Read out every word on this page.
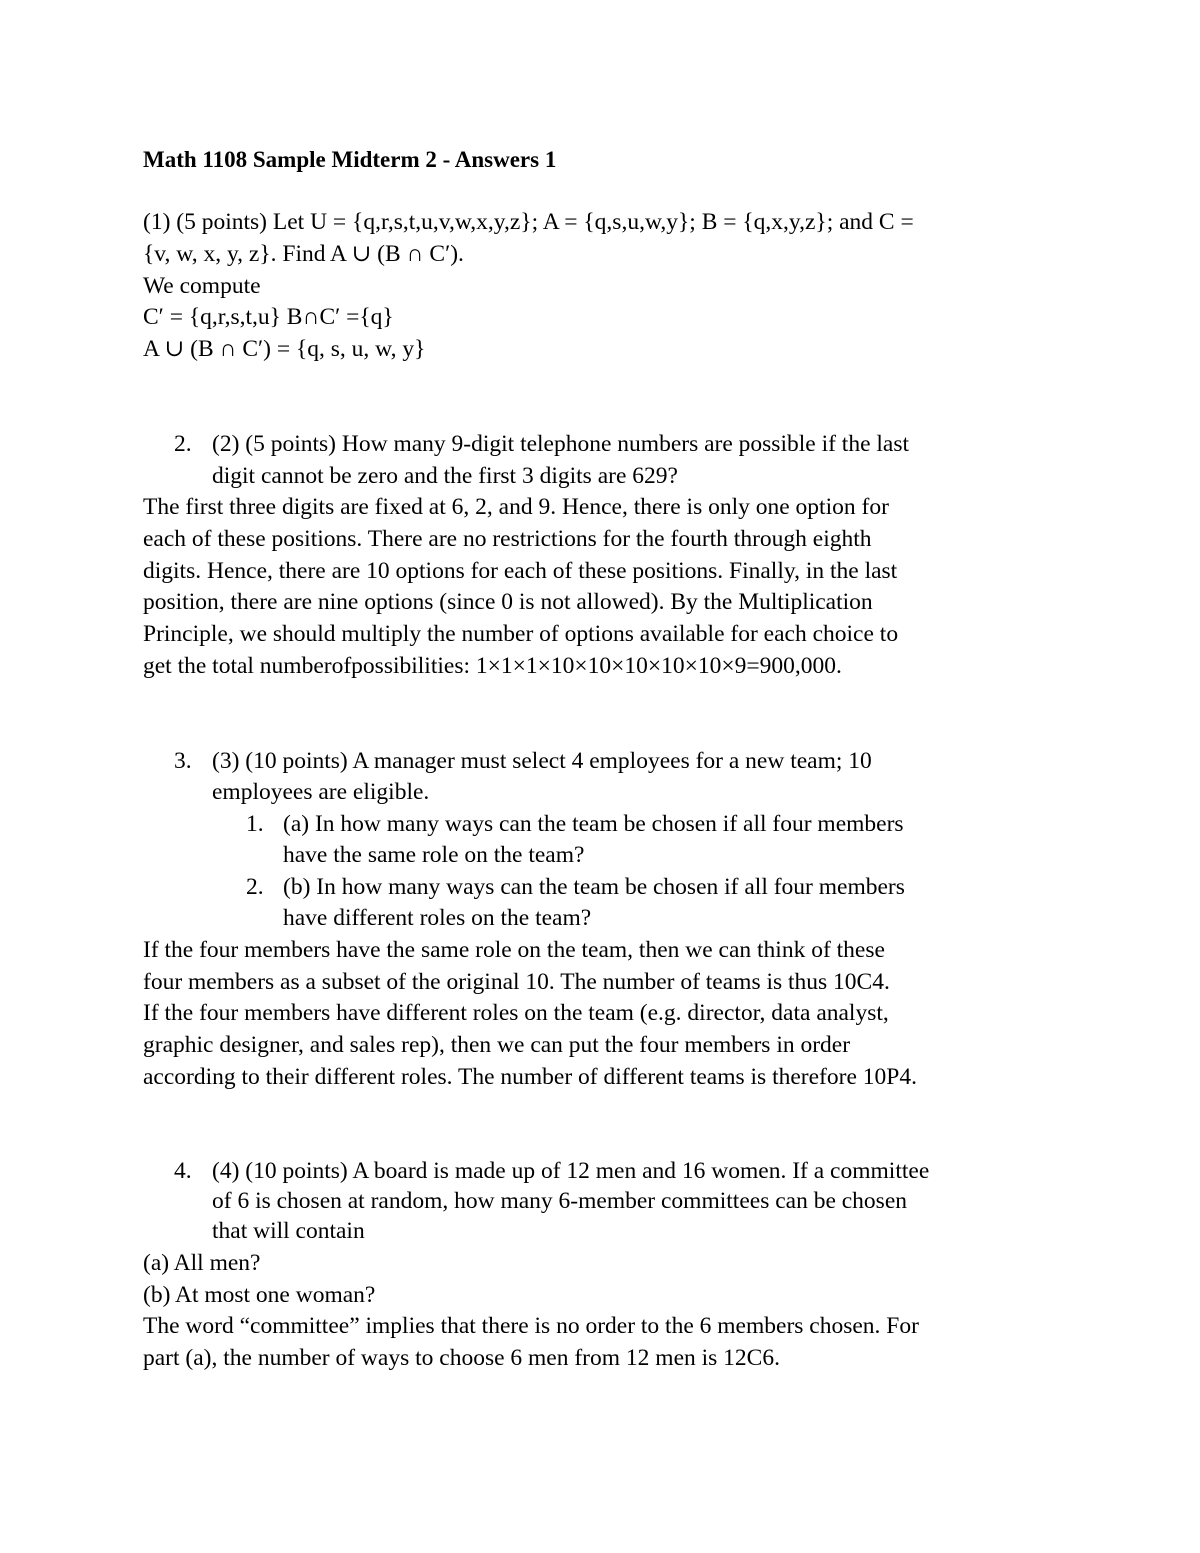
Math 1108 Sample Midterm 2 - Answers 1
(1) (5 points) Let U = {q,r,s,t,u,v,w,x,y,z}; A = {q,s,u,w,y}; B = {q,x,y,z}; and C =
{v, w, x, y, z}. Find A ∪ (B ∩ C′).
We compute
C′ = {q,r,s,t,u} B∩C′ ={q}
A ∪ (B ∩ C′) = {q, s, u, w, y}
2. (2) (5 points) How many 9-digit telephone numbers are possible if the last
digit cannot be zero and the first 3 digits are 629?
The first three digits are fixed at 6, 2, and 9. Hence, there is only one option for
each of these positions. There are no restrictions for the fourth through eighth
digits. Hence, there are 10 options for each of these positions. Finally, in the last
position, there are nine options (since 0 is not allowed). By the Multiplication
Principle, we should multiply the number of options available for each choice to
get the total numberofpossibilities: 1×1×1×10×10×10×10×10×9=900,000.
3. (3) (10 points) A manager must select 4 employees for a new team; 10
employees are eligible.
1. (a) In how many ways can the team be chosen if all four members
have the same role on the team?
2. (b) In how many ways can the team be chosen if all four members
have different roles on the team?
If the four members have the same role on the team, then we can think of these
four members as a subset of the original 10. The number of teams is thus 10C4.
If the four members have different roles on the team (e.g. director, data analyst,
graphic designer, and sales rep), then we can put the four members in order
according to their different roles. The number of different teams is therefore 10P4.
4. (4) (10 points) A board is made up of 12 men and 16 women. If a committee
of 6 is chosen at random, how many 6-member committees can be chosen
that will contain
(a) All men?
(b) At most one woman?
The word “committee” implies that there is no order to the 6 members chosen. For
part (a), the number of ways to choose 6 men from 12 men is 12C6.
